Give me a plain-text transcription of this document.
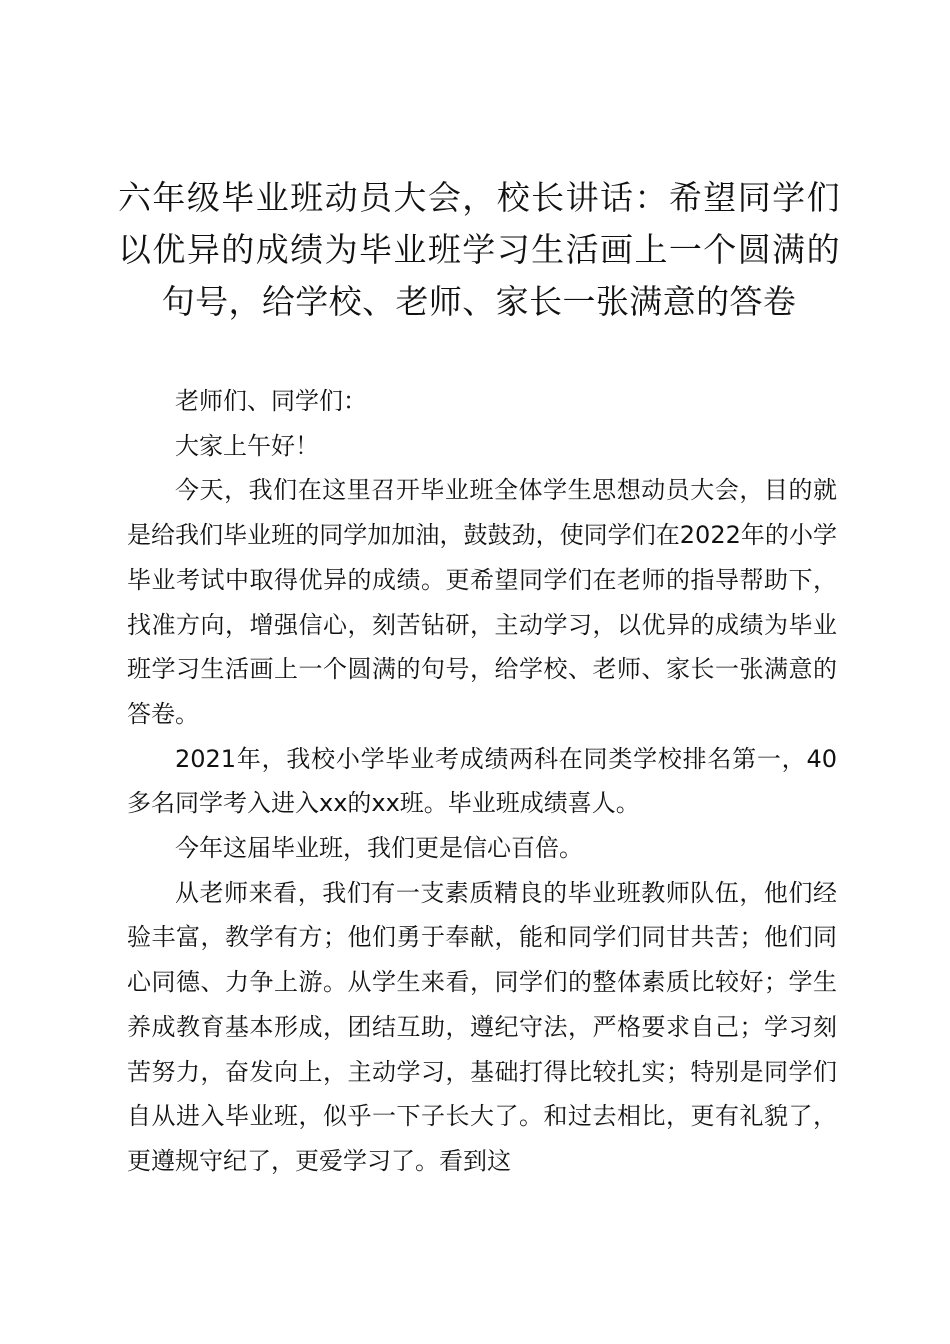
六年级毕业班动员大会，校长讲话：希望同学们以优异的成绩为毕业班学习生活画上一个圆满的句号，给学校、老师、家长一张满意的答卷

老师们、同学们：

大家上午好！

今天，我们在这里召开毕业班全体学生思想动员大会，目的就是给我们毕业班的同学加加油，鼓鼓劲，使同学们在2022年的小学毕业考试中取得优异的成绩。更希望同学们在老师的指导帮助下，找准方向，增强信心，刻苦钻研，主动学习，以优异的成绩为毕业班学习生活画上一个圆满的句号，给学校、老师、家长一张满意的答卷。

2021年，我校小学毕业考成绩两科在同类学校排名第一，40多名同学考入进入xx的xx班。毕业班成绩喜人。

今年这届毕业班，我们更是信心百倍。

从老师来看，我们有一支素质精良的毕业班教师队伍，他们经验丰富，教学有方；他们勇于奉献，能和同学们同甘共苦；他们同心同德、力争上游。从学生来看，同学们的整体素质比较好；学生养成教育基本形成，团结互助，遵纪守法，严格要求自己；学习刻苦努力，奋发向上，主动学习，基础打得比较扎实；特别是同学们自从进入毕业班，似乎一下子长大了。和过去相比，更有礼貌了，更遵规守纪了，更爱学习了。看到这
